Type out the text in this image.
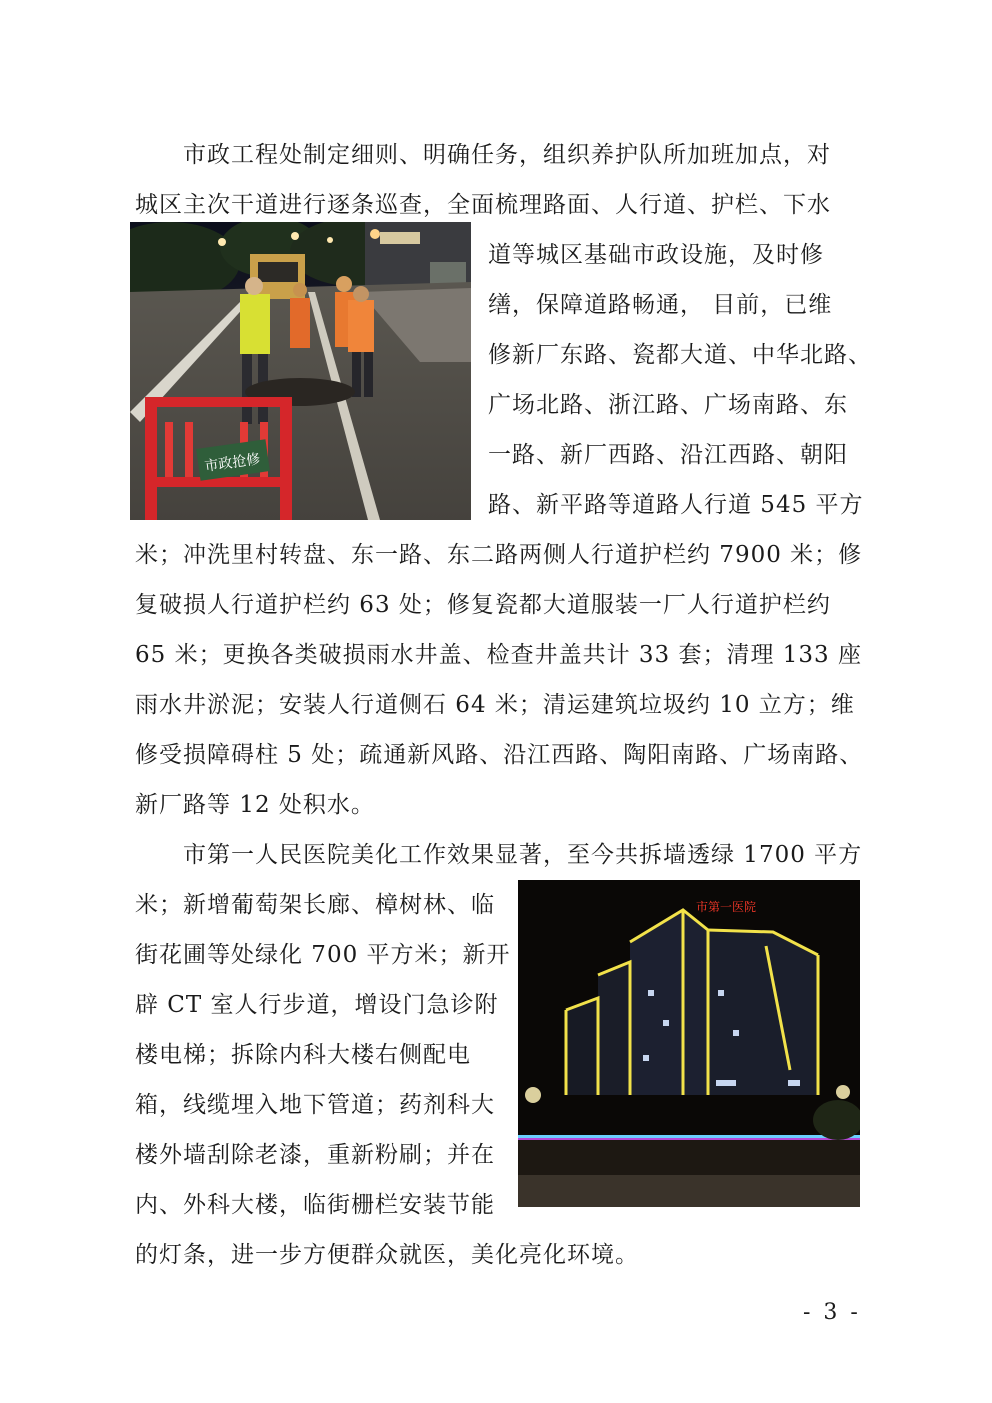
市政工程处制定细则、明确任务，组织养护队所加班加点，对
城区主次干道进行逐条巡查，全面梳理路面、人行道、护栏、下水
道等城区基础市政设施，及时修
缮，保障道路畅通， 目前，已维
修新厂东路、瓷都大道、中华北路、
广场北路、浙江路、广场南路、东
一路、新厂西路、沿江西路、朝阳
路、新平路等道路人行道 545 平方
米；冲洗里村转盘、东一路、东二路两侧人行道护栏约 7900 米；修
复破损人行道护栏约 63 处；修复瓷都大道服装一厂人行道护栏约
65 米；更换各类破损雨水井盖、检查井盖共计 33 套；清理 133 座
雨水井淤泥；安装人行道侧石 64 米；清运建筑垃圾约 10 立方；维
修受损障碍柱 5 处；疏通新风路、沿江西路、陶阳南路、广场南路、
新厂路等 12 处积水。
市政抢修
市第一人民医院美化工作效果显著，至今共拆墙透绿 1700 平方
米；新增葡萄架长廊、樟树林、临
街花圃等处绿化 700 平方米；新开
辟 CT 室人行步道，增设门急诊附
楼电梯；拆除内科大楼右侧配电
箱，线缆埋入地下管道；药剂科大
楼外墙刮除老漆，重新粉刷；并在
内、外科大楼，临街栅栏安装节能
的灯条，进一步方便群众就医，美化亮化环境。
市第一医院
- 3 -
